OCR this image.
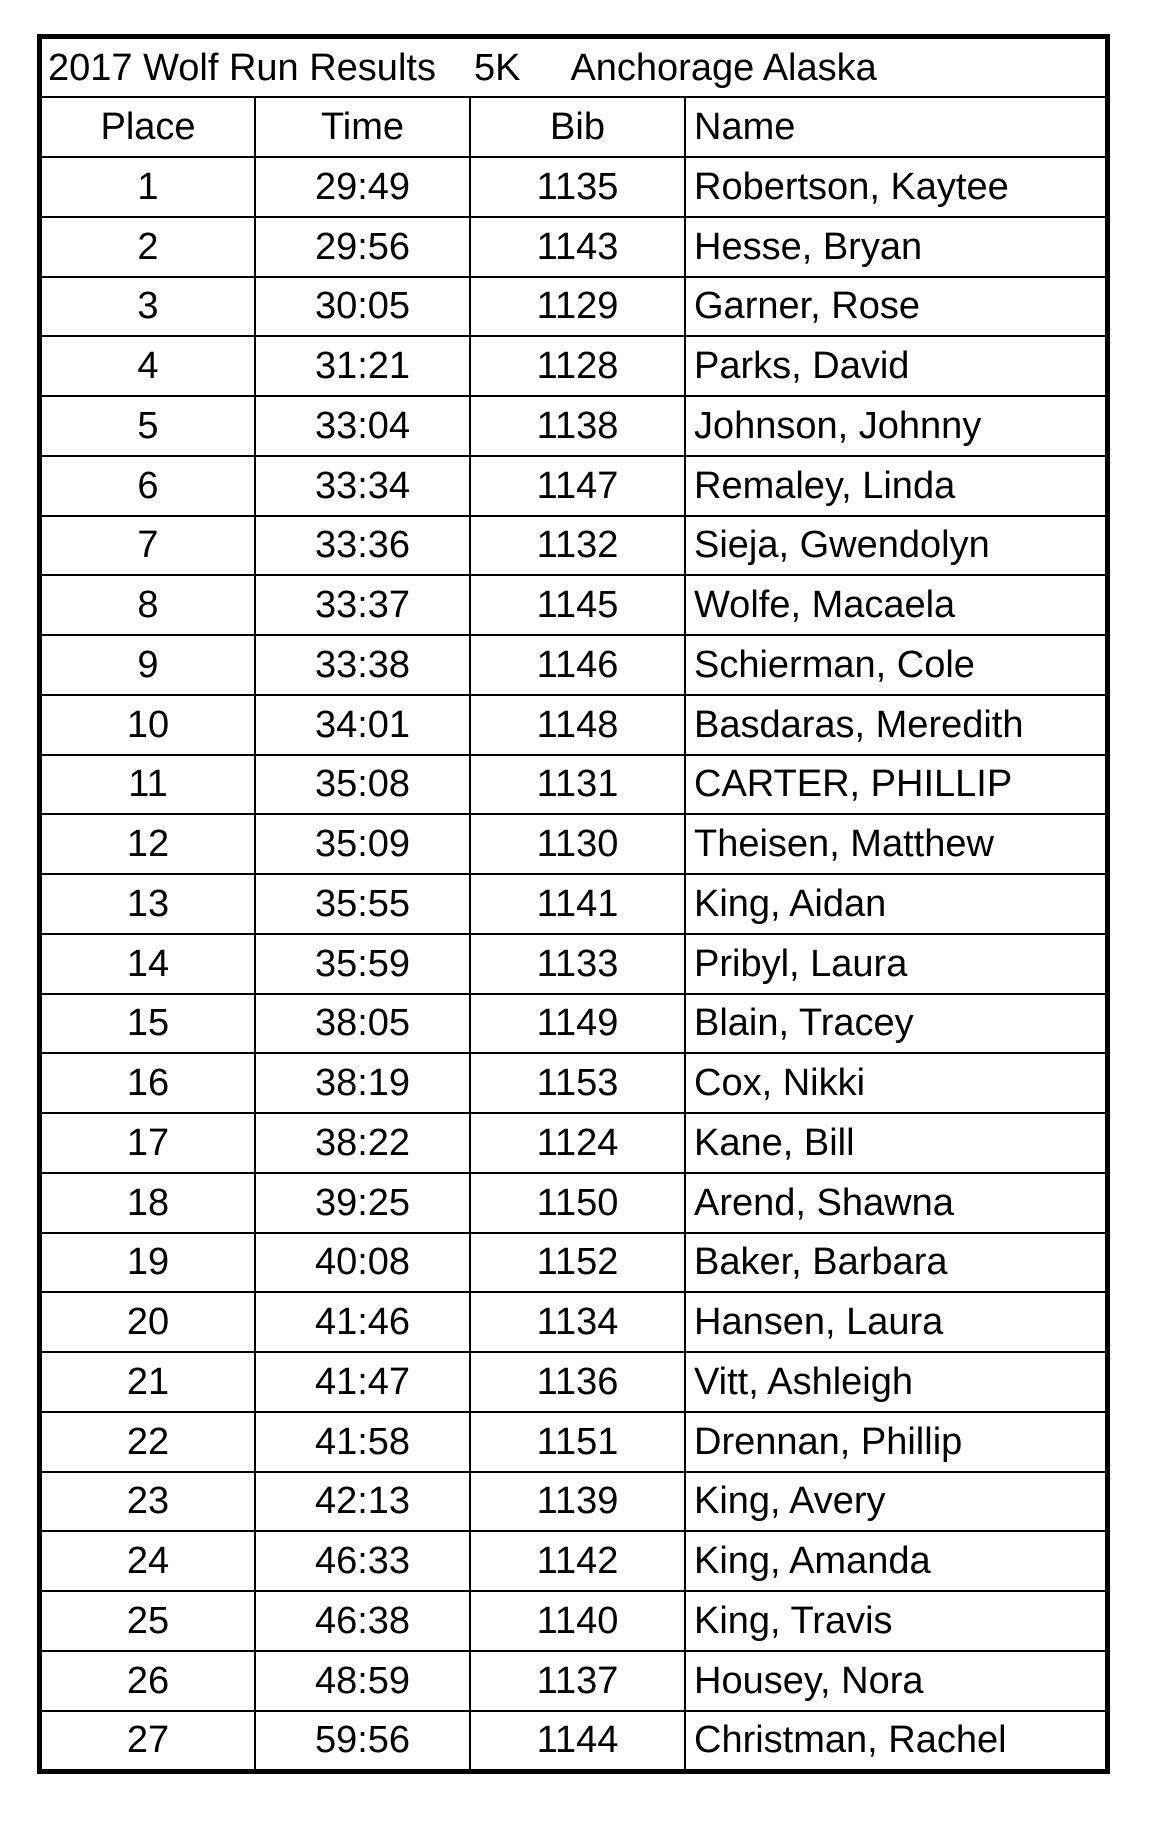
2017 Wolf Run Results 5K Anchorage Alaska			
Place	Time	Bib	Name
1	29:49	1135	Robertson, Kaytee
2	29:56	1143	Hesse, Bryan
3	30:05	1129	Garner, Rose
4	31:21	1128	Parks, David
5	33:04	1138	Johnson, Johnny
6	33:34	1147	Remaley, Linda
7	33:36	1132	Sieja, Gwendolyn
8	33:37	1145	Wolfe, Macaela
9	33:38	1146	Schierman, Cole
10	34:01	1148	Basdaras, Meredith
11	35:08	1131	CARTER, PHILLIP
12	35:09	1130	Theisen, Matthew
13	35:55	1141	King, Aidan
14	35:59	1133	Pribyl, Laura
15	38:05	1149	Blain, Tracey
16	38:19	1153	Cox, Nikki
17	38:22	1124	Kane, Bill
18	39:25	1150	Arend, Shawna
19	40:08	1152	Baker, Barbara
20	41:46	1134	Hansen, Laura
21	41:47	1136	Vitt, Ashleigh
22	41:58	1151	Drennan, Phillip
23	42:13	1139	King, Avery
24	46:33	1142	King, Amanda
25	46:38	1140	King, Travis
26	48:59	1137	Housey, Nora
27	59:56	1144	Christman, Rachel
